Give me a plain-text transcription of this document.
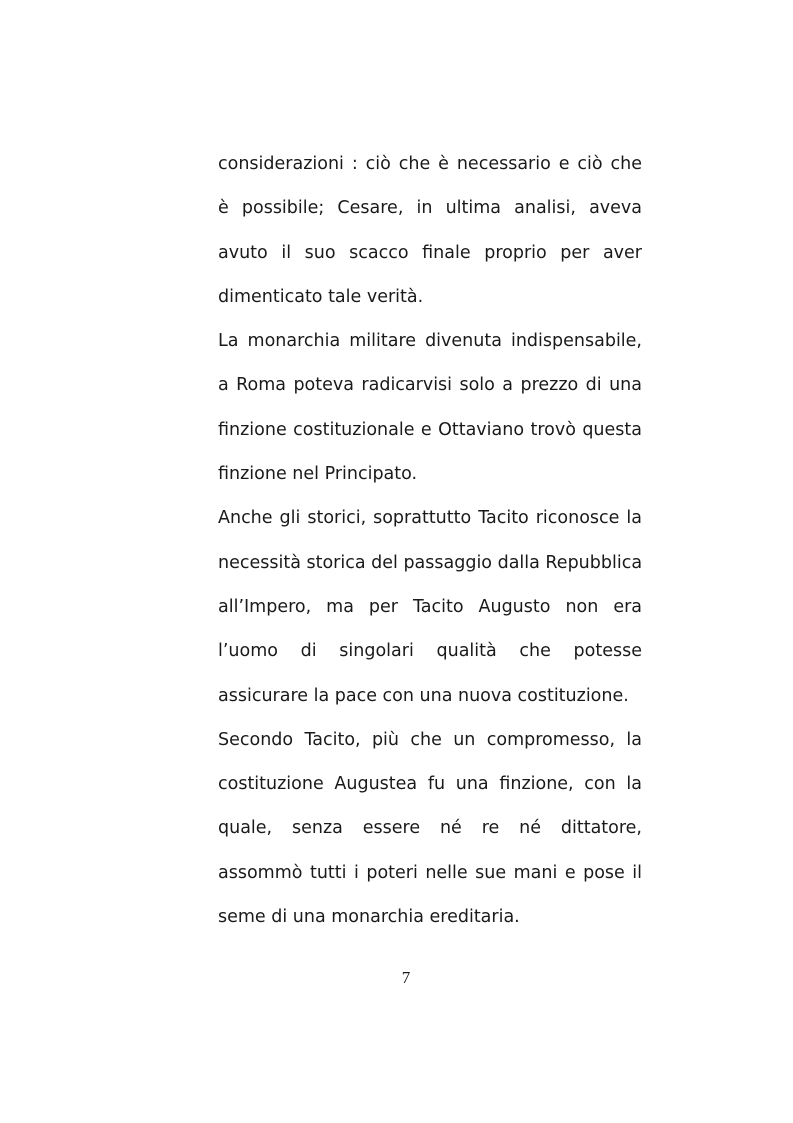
considerazioni : ciò che è necessario e ciò che
è possibile; Cesare, in ultima analisi, aveva
avuto il suo scacco finale proprio per aver
dimenticato tale verità.
La monarchia militare divenuta indispensabile,
a Roma poteva radicarvisi solo a prezzo di una
finzione costituzionale e Ottaviano trovò questa
finzione nel Principato.
Anche gli storici, soprattutto Tacito riconosce la
necessità storica del passaggio dalla Repubblica
all’Impero, ma per Tacito Augusto non era
l’uomo di singolari qualità che potesse
assicurare la pace con una nuova costituzione.
Secondo Tacito, più che un compromesso, la
costituzione Augustea fu una finzione, con la
quale, senza essere né re né dittatore,
assommò tutti i poteri nelle sue mani e pose il
seme di una monarchia ereditaria.
7
